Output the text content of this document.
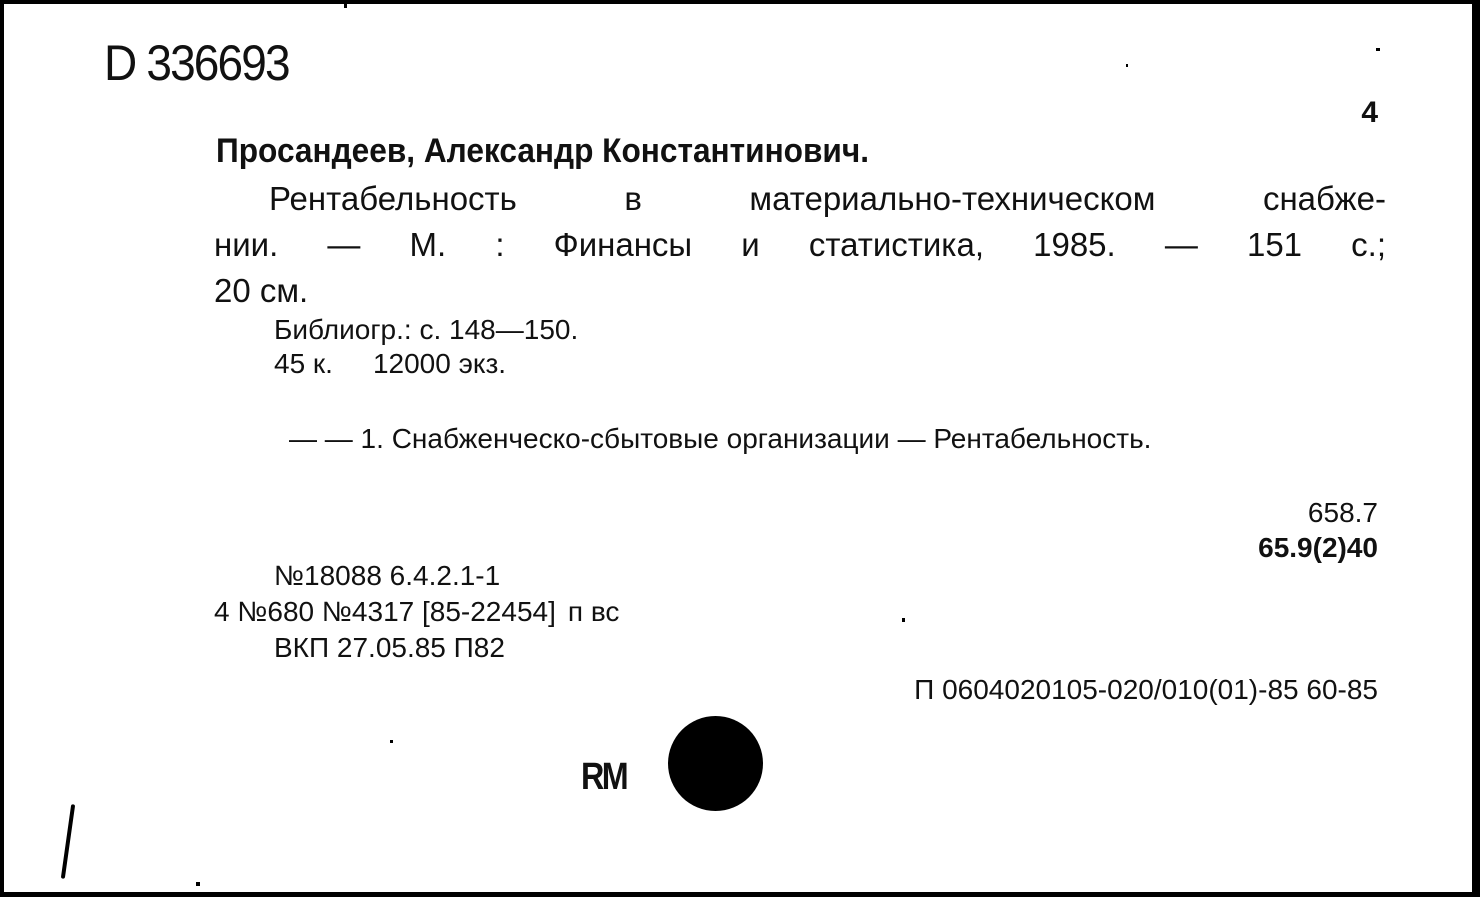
D 336693
4
Просандеев, Александр Константинович.
Рентабельность	в	материально-техническом	снабже-
нии. — М. : Финансы и статистика, 1985. — 151 с.;
20 см.
Библиогр.: с. 148—150.
45 к. 12000 экз.
— — 1. Снабженческо-сбытовые организации — Рентабельность.
658.7
65.9(2)40
№18088 6.4.2.1-1
4 №680 №4317 [85-22454] п вс
ВКП 27.05.85 П82
П 0604020105-020/010(01)-85 60-85
RM
